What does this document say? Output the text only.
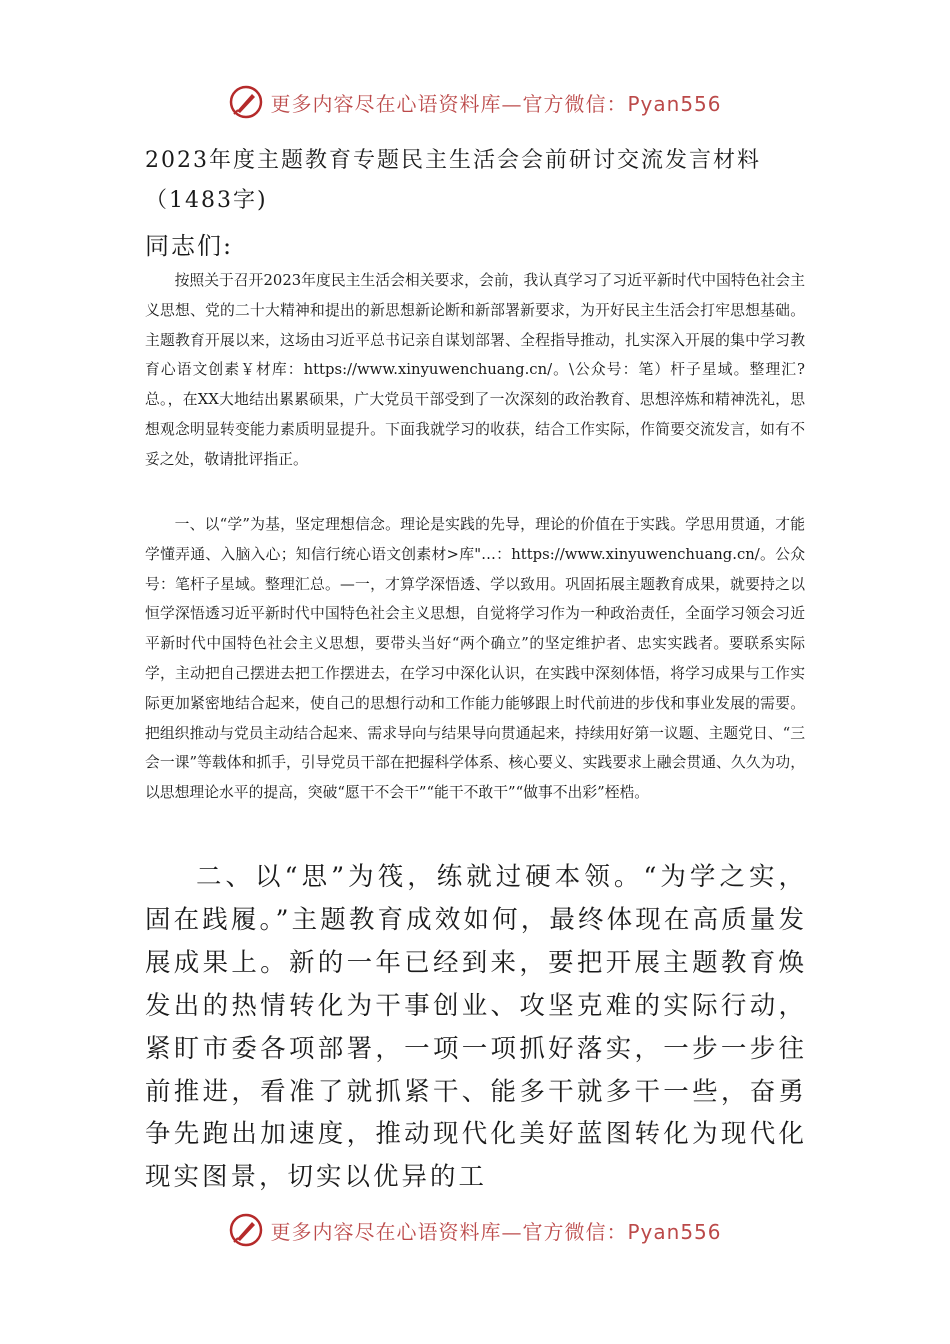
更多内容尽在心语资料库—官方微信：Pyan556
2023年度主题教育专题民主生活会会前研讨交流发言材料
（1483字)
同志们:

按照关于召开2023年度民主生活会相关要求，会前，我认真学习了习近平新时代中国特色社会主义思想、党的二十大精神和提出的新思想新论断和新部署新要求，为开好民主生活会打牢思想基础。主题教育开展以来，这场由习近平总书记亲自谋划部署、全程指导推动，扎实深入开展的集中学习教育心语文创素￥材库：https://www.xinyuwenchuang.cn/。\公众号：笔）杆子星域。整理汇?总。，在XX大地结出累累硕果，广大党员干部受到了一次深刻的政治教育、思想淬炼和精神洗礼，思想观念明显转变能力素质明显提升。下面我就学习的收获，结合工作实际，作简要交流发言，如有不妥之处，敬请批评指正。

一、以“学”为基，坚定理想信念。理论是实践的先导，理论的价值在于实践。学思用贯通，才能学懂弄通、入脑入心；知信行统心语文创素材>库"…：https://www.xinyuwenchuang.cn/。公众号：笔杆子星域。整理汇总。—一，才算学深悟透、学以致用。巩固拓展主题教育成果，就要持之以恒学深悟透习近平新时代中国特色社会主义思想，自觉将学习作为一种政治责任，全面学习领会习近平新时代中国特色社会主义思想，要带头当好“两个确立”的坚定维护者、忠实实践者。要联系实际学，主动把自己摆进去把工作摆进去，在学习中深化认识，在实践中深刻体悟，将学习成果与工作实际更加紧密地结合起来，使自己的思想行动和工作能力能够跟上时代前进的步伐和事业发展的需要。把组织推动与党员主动结合起来、需求导向与结果导向贯通起来，持续用好第一议题、主题党日、“三会一课”等载体和抓手，引导党员干部在把握科学体系、核心要义、实践要求上融会贯通、久久为功，以思想理论水平的提高，突破“愿干不会干”“能干不敢干”“做事不出彩”桎梏。

二、以“思”为筏，练就过硬本领。“为学之实，固在践履。”主题教育成效如何，最终体现在高质量发展成果上。新的一年已经到来，要把开展主题教育焕发出的热情转化为干事创业、攻坚克难的实际行动，紧盯市委各项部署，一项一项抓好落实，一步一步往前推进，看准了就抓紧干、能多干就多干一些，奋勇争先跑出加速度，推动现代化美好蓝图转化为现代化现实图景，切实以优异的工

更多内容尽在心语资料库—官方微信：Pyan556
